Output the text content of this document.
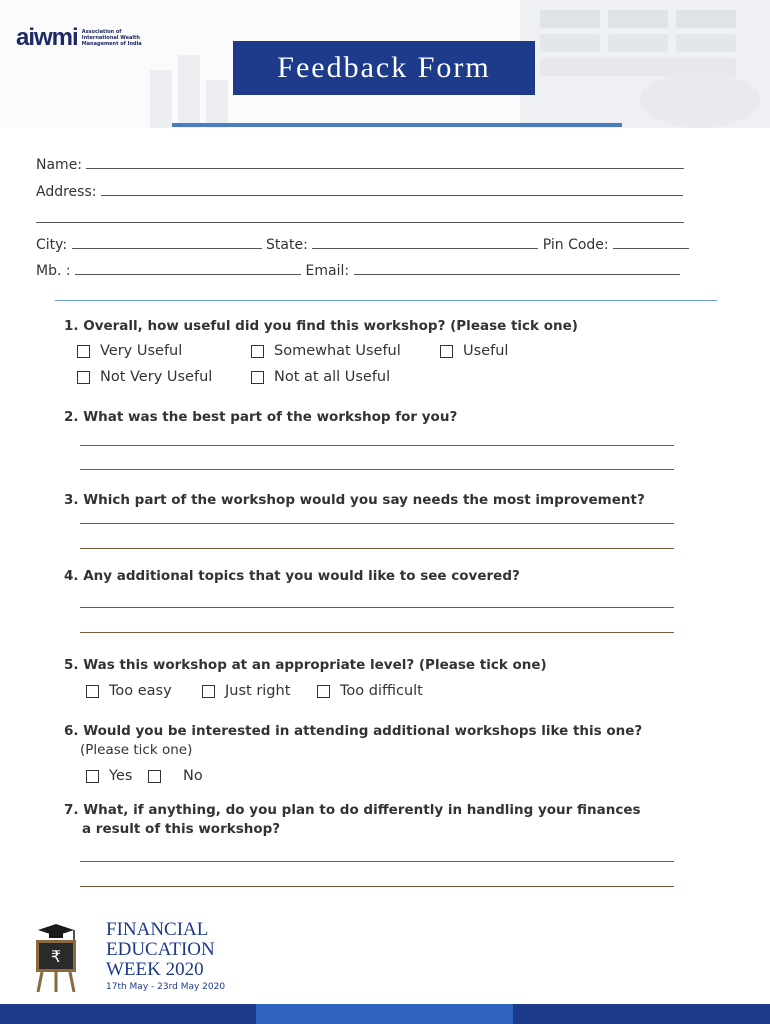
aiwmi Association of International Wealth Management of India
Feedback Form
Name:
Address:
City:	State:	Pin Code:
Mb. :	Email:
1. Overall, how useful did you find this workshop? (Please tick one)
Very Useful	Somewhat Useful	Useful
Not Very Useful	Not at all Useful
2. What was the best part of the workshop for you?
3. Which part of the workshop would you say needs the most improvement?
4. Any additional topics that you would like to see covered?
5. Was this workshop at an appropriate level? (Please tick one)
Too easy	Just right	Too difficult
6. Would you be interested in attending additional workshops like this one?
(Please tick one)
Yes	No
7. What, if anything, do you plan to do differently in handling your finances
a result of this workshop?
₹
FINANCIAL
EDUCATION
WEEK 2020
17th May - 23rd May 2020
